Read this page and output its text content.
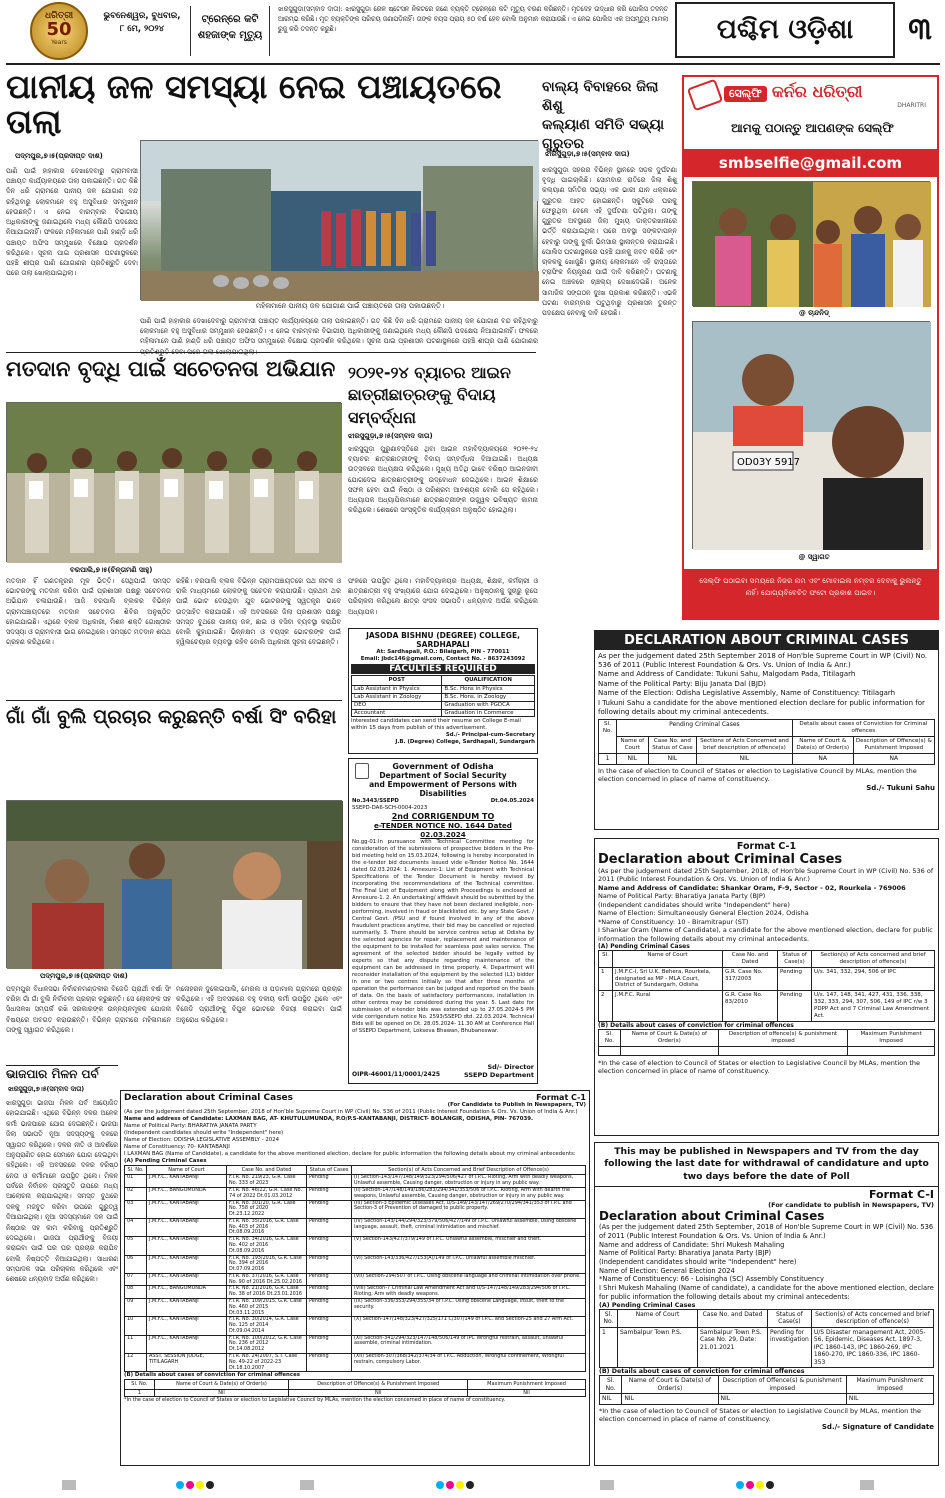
ଧରିତ୍ରୀ
50
Years
ଭୁବନେଶ୍ୱର, ବୁଧବାର,
୮ ମେ, ୨୦୨୪
ଟ୍ରେନ୍‌ରେ କଟି
ଶହଜାଙ୍କ ମୃତ୍ୟୁ
ଝାରସୁଗୁଡ଼ା(ସମ୍ବାଦ ଦାତା): ଝାରସୁଗୁଡ଼ା ରେଳ ଷ୍ଟେସନ ନିକଟରେ ଜଣେ ବ୍ୟକ୍ତି ଟ୍ରେନ୍‌ରେ କଟି ମୃତ୍ୟୁ ବରଣ କରିଛନ୍ତି। ମୃତଦେହ ଉଦ୍ଧାର କରି ପୋଲିସ ତଦନ୍ତ ଆରମ୍ଭ କରିଛି। ମୃତ ବ୍ୟକ୍ତିଙ୍କ ପରିଚୟ ଜଣାପଡ଼ିନାହିଁ। ତାଙ୍କ ବୟସ ପ୍ରାୟ ୫୦ ବର୍ଷ ହେବ ବୋଲି ଅନୁମାନ କରାଯାଉଛି। ଏ ନେଇ ପୋଲିସ ଏକ ଅପମୃତ୍ୟୁ ମାମଲା ରୁଜୁ କରି ତଦନ୍ତ କରୁଛି।	ପଶ୍ଚିମ ଓଡ଼ିଶା	୩
ପାନୀୟ ଜଳ ସମସ୍ୟା ନେଇ ପଞ୍ଚାୟତରେ ତାଲା
ପଦ୍ମପୁର,୭।୫(ପ୍ରଦୀପ୍ତ ଦାଶ)
ପାଣି ପାଇଁ ହାହାକାର ଦେଖାଦେବାରୁ ଗ୍ରାମବାସୀ ପଞ୍ଚାୟତ କାର୍ଯ୍ୟାଳୟରେ ତାଲା ପକାଇଛନ୍ତି। ଗତ କିଛି ଦିନ ଧରି ଗ୍ରାମରେ ପାନୀୟ ଜଳ ଯୋଗାଣ ବନ୍ଦ ରହିଥିବାରୁ ଲୋକମାନେ ବହୁ ଅସୁବିଧାର ସମ୍ମୁଖୀନ ହେଉଛନ୍ତି। ଏ ନେଇ ବାରମ୍ବାର ବିଭାଗୀୟ ଅଧିକାରୀଙ୍କୁ ଜଣାଇଥିଲେ ମଧ୍ୟ କୌଣସି ପଦକ୍ଷେପ ନିଆଯାଇନାହିଁ। ଫଳରେ ମହିଳାମାନେ ପାଣି ହାଣ୍ଡି ଧରି ପଞ୍ଚାୟତ ଅଫିସ ସମ୍ମୁଖରେ ବିକ୍ଷୋଭ ପ୍ରଦର୍ଶନ କରିଥିଲେ। ସୂଚନା ପାଇ ପ୍ରଶାସନ ଘଟଣାସ୍ଥଳରେ ପହଞ୍ଚି ଶୀଘ୍ର ପାଣି ଯୋଗାଣର ପ୍ରତିଶ୍ରୁତି ଦେବା ପରେ ତାଲା ଖୋଲାଯାଇଥିଲା।
ମହିଳାମାନେ ପାନୀୟ ଜଳ ଯୋଗାଣ ପାଇଁ ପଞ୍ଚାୟତରେ ତାଲା ପକାଉଛନ୍ତି।
ପାଣି ପାଇଁ ହାହାକାର ଦେଖାଦେବାରୁ ଗ୍ରାମବାସୀ ପଞ୍ଚାୟତ କାର୍ଯ୍ୟାଳୟରେ ତାଲା ପକାଇଛନ୍ତି। ଗତ କିଛି ଦିନ ଧରି ଗ୍ରାମରେ ପାନୀୟ ଜଳ ଯୋଗାଣ ବନ୍ଦ ରହିଥିବାରୁ ଲୋକମାନେ ବହୁ ଅସୁବିଧାର ସମ୍ମୁଖୀନ ହେଉଛନ୍ତି। ଏ ନେଇ ବାରମ୍ବାର ବିଭାଗୀୟ ଅଧିକାରୀଙ୍କୁ ଜଣାଇଥିଲେ ମଧ୍ୟ କୌଣସି ପଦକ୍ଷେପ ନିଆଯାଇନାହିଁ। ଫଳରେ ମହିଳାମାନେ ପାଣି ହାଣ୍ଡି ଧରି ପଞ୍ଚାୟତ ଅଫିସ ସମ୍ମୁଖରେ ବିକ୍ଷୋଭ ପ୍ରଦର୍ଶନ କରିଥିଲେ। ସୂଚନା ପାଇ ପ୍ରଶାସନ ଘଟଣାସ୍ଥଳରେ ପହଞ୍ଚି ଶୀଘ୍ର ପାଣି ଯୋଗାଣର
ବାଲ୍ୟ ବିବାହରେ ଜିଲା ଶିଶୁ
କଲ୍ୟାଣ ସମିତି ସଭ୍ୟା ଗୁରୁତର
ଝାରସୁଗୁଡ଼ା,୭।୫(ସମ୍ବାଦ ଦାତା)
ଝାରସୁଗୁଡ଼ା ସହରର ବିଭିନ୍ନ ସ୍ଥାନରେ ସଡ଼କ ଦୁର୍ଘଟଣା ବୃଦ୍ଧି ପାଇଚାଲିଛି। ସୋମବାର ରାତିରେ ଜିଲା ଶିଶୁ କଲ୍ୟାଣ ସମିତିର ସଭ୍ୟା ଏକ ଭାରୀ ଯାନ ଧକ୍କାରେ ଗୁରୁତର ଆହତ ହୋଇଛନ୍ତି। ସ୍କୁଟିରେ ଘରକୁ ଫେରୁଥିବା ବେଳେ ଏହି ଦୁର୍ଘଟଣା ଘଟିଥିଲା। ତାଙ୍କୁ ଗୁରୁତର ଅବସ୍ଥାରେ ଜିଲା ମୁଖ୍ୟ ଡାକ୍ତରଖାନାରେ ଭର୍ତ୍ତି କରାଯାଇଥିଲା। ପରେ ଅବସ୍ଥା ସଙ୍କଟାପନ୍ନ ହେବାରୁ ତାଙ୍କୁ ବୁର୍ଲା ଭିମସାର ସ୍ଥାନାନ୍ତର କରାଯାଇଛି। ପୋଲିସ ଘଟଣାସ୍ଥଳରେ ପହଞ୍ଚି ଯାନକୁ ଜବତ କରିଛି ଏବଂ ଚାଳକକୁ ଖୋଜୁଛି। ସ୍ଥାନୀୟ ଲୋକମାନେ ଏହି ରାସ୍ତାରେ ଟ୍ରାଫିକ ନିୟନ୍ତ୍ରଣ ପାଇଁ ଦାବି କରିଛନ୍ତି। ଘଟଣାକୁ ନେଇ ଅଞ୍ଚଳରେ ଚାଞ୍ଚଲ୍ୟ ଦେଖାଦେଇଛି। ଅନେକ ସାମାଜିକ ସଙ୍ଗଠନ ଦୁଃଖ ପ୍ରକାଶ କରିଛନ୍ତି। ଏଭଳି ଘଟଣା ବାରମ୍ବାର ଘଟୁଥିବାରୁ ପ୍ରଶାସନ ତୁରନ୍ତ ପଦକ୍ଷେପ ନେବାକୁ ଦାବି ହେଉଛି।
ସେଲ୍ଫି କର୍ନର ଧରିତ୍ରୀ
DHARITRI
ଆମକୁ ପଠାନ୍ତୁ ଆପଣଙ୍କ ସେଲ୍ଫି
smbselfie@gmail.com
@ ଚାନ୍ଦନିଡ୍
OD03Y 5917
@ ସ୍ୱାଗତ
ସେଲ୍ଫି ପଠାଇବା ସମୟରେ ନିଜର ନାମ ଏବଂ ମୋବାଇଲ ନମ୍ବର ଦେବାକୁ ଭୁଲନ୍ତୁ ନାହିଁ। ଯୋଗ୍ୟବିବେଚିତ ଫଟୋ ପ୍ରକାଶ ପାଇବ।
ମତଦାନ ବୃଦ୍ଧି ପାଇଁ ସଚେତନତା ଅଭିଯାନ
ବରପାଲି,୭।୫(ଚିନ୍ତାମଣି ସାହୁ)
ମତଦାନ ହିଁ ଗଣତନ୍ତ୍ରର ମୂଳ ଭିତ୍ତି। ସେଥିପାଇଁ ସମସ୍ତ ଭୋଟରଙ୍କୁ ମତଦାନ କରିବା ପାଇଁ ପ୍ରଶାସନ ପକ୍ଷରୁ ସଚେତନତା ଅଭିଯାନ ଚଳାଯାଉଛି। ଆଜି ବରପାଲି ବ୍ଲକର ବିଭିନ୍ନ ଗ୍ରାମପଞ୍ଚାୟତରେ ମତଦାନ ସଚେତନତା ଶିବିର ଅନୁଷ୍ଠିତ ହୋଇଯାଇଛି। ଏଥିରେ ବ୍ଲକ ଅଧିକାରୀ, ମିଶନ ଶକ୍ତି ଗୋଷ୍ଠୀର ସଦସ୍ୟା ଓ ଗ୍ରାମବାସୀ ଭାଗ ନେଇଥିଲେ। ସମସ୍ତେ ମତଦାନ ଶପଥ ଗ୍ରହଣ କରିଥିଲେ।
ରହିଛି। ବରପାଲି ବ୍ଲକ ବିଭିନ୍ନ ଗ୍ରାମପଞ୍ଚାୟତରେ ପଥ ନାଟକ ଓ ରାଲି ମାଧ୍ୟମରେ ଲୋକଙ୍କୁ ସଚେତନ କରାଯାଉଛି। ପ୍ରଥମ ଥର ପାଇଁ ଭୋଟ ଦେଉଥିବା ଯୁବ ଭୋଟରଙ୍କୁ ସ୍ୱତନ୍ତ୍ର ଭାବେ ଉତ୍ସାହିତ କରାଯାଉଛି। ଏହି ଅବସରରେ ଜିଲା ପ୍ରଶାସନ ପକ୍ଷରୁ ସମସ୍ତ ବୁଥରେ ପାନୀୟ ଜଳ, ଛାଇ ଓ ବସିବା ବ୍ୟବସ୍ଥା କରାଯିବ ବୋଲି କୁହାଯାଇଛି। ଭିନ୍ନକ୍ଷମ ଓ ବୟସ୍କ ଭୋଟରଙ୍କ ପାଇଁ ହ୍ୱିଲଚେୟାର ବ୍ୟବସ୍ଥା ରହିବ ବୋଲି ଅଧିକାରୀ ସୂଚନା ଦେଇଛନ୍ତି।
୨୦୨୧-୨୪ ବ୍ୟାଚର ଆଇନ
ଛାତ୍ରୀଛାତ୍ରଙ୍କୁ ବିଦାୟ ସମ୍ବର୍ଦ୍ଧନା
ଝାରସୁଗୁଡ଼ା,୭।୫(ସମ୍ବାଦ ଦାତା)
ଝାରସୁଗୁଡ଼ା ପୁରୁଣାବସ୍ତିରେ ଥିବା ଆଇନ ମହାବିଦ୍ୟାଳୟରେ ୨୦୨୧-୨୪ ବ୍ୟାଚର ଛାତ୍ରଛାତ୍ରୀଙ୍କୁ ବିଦାୟ ସମ୍ବର୍ଦ୍ଧନା ଦିଆଯାଇଛି। ଅଧ୍ୟକ୍ଷ ଉତ୍ସବରେ ଅଧ୍ୟକ୍ଷତା କରିଥିଲେ। ମୁଖ୍ୟ ଅତିଥି ଭାବେ ବରିଷ୍ଠ ଆଇନଜୀବୀ ଯୋଗଦେଇ ଛାତ୍ରଛାତ୍ରୀଙ୍କୁ ଉଦ୍ବୋଧନ ଦେଇଥିଲେ। ଆଇନ ଶିକ୍ଷାରେ ସଫଳ ହେବା ପାଇଁ ନିଷ୍ଠା ଓ ପରିଶ୍ରମ ଆବଶ୍ୟକ ବୋଲି ସେ କହିଥିଲେ। ଅଧ୍ୟାପକ ଅଧ୍ୟାପିକାମାନେ ଛାତ୍ରଛାତ୍ରୀଙ୍କ ଉଜ୍ଜ୍ୱଳ ଭବିଷ୍ୟତ କାମନା କରିଥିଲେ। ଶେଷରେ ସାଂସ୍କୃତିକ କାର୍ଯ୍ୟକ୍ରମ ଅନୁଷ୍ଠିତ ହୋଇଥିଲା।
ଫଳରେ ଉପସ୍ଥିତ ଥିଲେ। ମହାବିଦ୍ୟାଳୟର ଅଧ୍ୟକ୍ଷ, ଶିକ୍ଷକ, କର୍ମଚାରୀ ଓ ଛାତ୍ରଛାତ୍ରୀ ବହୁ ସଂଖ୍ୟାରେ ଯୋଗ ଦେଇଥିଲେ। ଅନୁଷ୍ଠାନକୁ ସୁଚାରୁ ରୂପେ ପରିଚାଳନା କରିଥିଲେ ଛାତ୍ର ସଂସଦ ସଭାପତି। ଧନ୍ୟବାଦ ଅର୍ପଣ କରିଥିଲେ ଅଧ୍ୟାପକ।
JASODA BISHNU (DEGREE) COLLEGE, SARDHAPALI
At: Sardhapali, P.O.: Bilaigarh, PIN - 770011
Email: jbdc146@gmail.com, Contact No. - 8637243092
FACULTIES REQUIRED
POST	QUALIFICATION
Lab Assistant in Physics	B.Sc. Hons in Physics
Lab Assistant in Zoology	B.Sc. Hons. in Zoology
DEO	Graduation with PGDCA
Accountant	Graduation in Commerce
Interested candidates can send their resume on College E-mail within 15 days from publish of this advertisement.
Sd./- Principal-cum-Secretary
J.B. (Degree) College, Sardhapali, Sundargarh
ଗାଁ ଗାଁ ବୁଲି ପ୍ରଚାର କରୁଛନ୍ତି ବର୍ଷା ସିଂ ବରିହା
ପଦ୍ମପୁର,୭।୫(ପ୍ରଦୀପ୍ତ ଦାଶ)
ପଦ୍ମପୁର ବିଧାନସଭା ନିର୍ବାଚନମଣ୍ଡଳୀର ବିଜେଡି ପ୍ରାର୍ଥୀ ବର୍ଷା ସିଂ ବରିହା ଗାଁ ଗାଁ ବୁଲି ନିର୍ବାଚନୀ ପ୍ରଚାର କରୁଛନ୍ତି। ସେ ଲୋକଙ୍କ ସହ ସିଧାସଳଖ ସମ୍ପର୍କ ରଖି ସରକାରଙ୍କ ଉନ୍ନୟନମୂଳକ ଯୋଜନା ବିଷୟରେ ଅବଗତ କରାଉଛନ୍ତି। ବିଭିନ୍ନ ଗ୍ରାମରେ ମହିଳାମାନେ ତାଙ୍କୁ ସ୍ୱାଗତ କରିଥିଲେ।
ମନୋହରନ ଦୁଲେଇପାଲି, ମେରଲ ଓ ପଡ଼ାମାଲ ଗ୍ରାମରେ ପ୍ରଚାର କରିଥିଲେ। ଏହି ଅବସରରେ ବହୁ ଦଳୀୟ କର୍ମୀ ଉପସ୍ଥିତ ଥିଲେ ଏବଂ ବିଜେଡି ପ୍ରାର୍ଥୀଙ୍କୁ ବିପୁଳ ଭୋଟରେ ବିଜୟୀ କରାଇବା ପାଇଁ ଅନୁରୋଧ କରିଥିଲେ।
Government of Odisha
Department of Social Security
and Empowerment of Persons with Disabilities
No.3443/SSEPD	Dt.04.05.2024
SSEPD-DA6-SCH-0004-2023
2nd CORRIGENDUM TO
e-TENDER NOTICE NO. 1644 Dated 02.03.2024
No.gg-01:In pursuance with Technical Committee meeting for consideration of the submissions of prospective bidders in the Pre-bid meeting held on 15.03.2024, following is hereby incorporated in the e-tender bid documents issued vide e-Tender Notice No. 1644 dated 02.03.2024: 1. Annexure-1: List of Equipment with Technical Specifications of the Tender Document is hereby revised by incorporating the recommendations of the Technical committee. The Final List of Equipment along with Proceedings is enclosed at Annexure-1. 2. An undertaking/ affidavit should be submitted by the bidders to ensure that they have not been declared ineligible, non-performing, involved in fraud or blacklisted etc. by any State Govt. / Central Govt. /PSU and if found involved in any of the above fraudulent practices anytime, their bid may be cancelled or rejected summarily. 3. There should be service centres setup at Odisha by the selected agencies for repair, replacement and maintenance of the equipment to be installed for seamless post sales service. The agreement of the selected bidder should be legally vetted by experts so that any dispute regarding maintenance of the equipment can be addressed in time properly. 4. Department will reconsider installation of the equipment by the selected (L1) bidder in one or two centres initially so that after three months of operation the performance can be judged and reported on the basis of data. On the basis of satisfactory performances, installation in other centres may be considered during the year. 5. Last date for submission of e-tender bids was extended up to 27.05.2024-5 PM vide corrigendum notice No. 2593/SSEPD dtd. 22.03.2024. Technical Bids will be opened on Dt. 28.05.2024- 11.30 AM at Conference Hall of SSEPD Department, Lokseva Bhawan, Bhubaneswar.
Sd/- Director
OIPR-46001/11/0001/2425	SSEPD Department
ଭାଜପାର ମିଳନ ପର୍ବ
ଝାରସୁଗୁଡ଼ା,୭।୫(ସମ୍ବାଦ ଦାତା)
ଝାରସୁଗୁଡ଼ା ଭାଜପା ମିଳନ ପର୍ବ ଆୟୋଜିତ ହୋଇଯାଇଛି। ଏଥିରେ ବିଭିନ୍ନ ଦଳର ଅନେକ କର୍ମୀ ଭାଜପାରେ ଯୋଗ ଦେଇଛନ୍ତି। ଭାଜପା ଜିଲା ସଭାପତି ନୂଆ ସଦସ୍ୟଙ୍କୁ ଦଳରେ ସ୍ୱାଗତ କରିଥିଲେ। ଦଳର ନୀତି ଓ ଆଦର୍ଶରେ ଅନୁପ୍ରାଣିତ ହୋଇ ସେମାନେ ଯୋଗ ଦେଇଥିବା କହିଥିଲେ। ଏହି ଅବସରରେ ଦଳର ବରିଷ୍ଠ ନେତା ଓ କର୍ମୀମାନେ ଉପସ୍ଥିତ ଥିଲେ। ମିଳନ ପର୍ବରେ ନିର୍ବାଚନ ପ୍ରସ୍ତୁତି ଉପରେ ମଧ୍ୟ ଆଲୋଚନା କରାଯାଇଥିଲା। ସମସ୍ତ ବୁଥରେ ଦଳକୁ ମଜବୁତ କରିବା ଉପରେ ଗୁରୁତ୍ୱ ଦିଆଯାଇଥିଲା। ନୂଆ ସଦସ୍ୟମାନେ ଦଳ ପାଇଁ ନିଷ୍ଠାର ସହ କାମ କରିବାକୁ ପ୍ରତିଶ୍ରୁତି ଦେଇଥିଲେ। ଭାଜପା ପ୍ରାର୍ଥୀଙ୍କୁ ବିଜୟୀ କରାଇବା ପାଇଁ ଘର ଘର ପ୍ରଚାର କରାଯିବ ବୋଲି ନିଷ୍ପତ୍ତି ନିଆଯାଇଥିଲା। ସାଧାରଣ ସମ୍ପାଦକ ସଭା ପରିଚାଳନା କରିଥିଲେ ଏବଂ ଶେଷରେ ଧନ୍ୟବାଦ ଅର୍ପଣ କରିଥିଲେ।
Declaration about Criminal Cases	Format C-1
(For Candidate to Publish in Newspapers, TV)
(As per the judgement dated 25th September, 2018 of Hon'ble Supreme Court in WP (Civil) No. 536 of 2011 (Public Interest Foundation & Ors. Vs. Union of India & Anr.)
Name and address of Candidate: LAXMAN BAG, AT- KHUTULUMUNDA, P.O/P.S-KANTABANJI, DISTRICT- BOLANGIR, ODISHA, PIN- 767039.
Name of Political Party: BHARATIYA JANATA PARTY
(Independent candidates should write "Independent" here)
Name of Election: ODISHA LEGISLATIVE ASSEMBLY - 2024
Name of Constituency: 70- KANTABANJI
I LAXMAN BAG (Name of Candidate), a candidate for the above mentioned election, declare for public information the following details about my criminal antecedents:
(A) Pending Criminal Cases
Sl. No.	Name of Court	Case No. and Dated	Status of Cases	Section(s) of Acts Concerned and Brief Description of Offence(s)
01	J.M.F.C., KANTABANJI	F.I.R. No. 219/23, G.R. Case No. 333 of 2023	Pending	(I) Section-143/147/148/149/323/294/506/427 of I.P.C. Rioting, Arm with deadly weapons, Unlawful assemble, Causing danger, obstruction or injury in any public way.
02	J.M.F.C., BANGOMUNDA	F.I.R. No. 46/22, G.R. Case No. 74 of 2022 Dt.01.03.2012	Pending	(II) Section-147/148/149/186/283/294/341/353/506 of I.P.C. Rioting, Arm with dearth the weapons, Unlawful assemble, Causing danger, obstruction or injury in any public way.
03	J.M.F.C., KANTABANJI	F.I.R. No. 301/20, G.R. Case No. 758 of 2020 Dt.23.12.2022	Pending	(III) Section-3 Epidemic Diseases Act, U/S-149/143/147/269/270/294/341/353 of I.P.C and Section-3 of Prevention of damaged to public property.
04	J.M.F.C., KANTABANJI	F.I.R. No. 35/2016, G.R. Case No. 403 of 2016 Dt.08.09.2016	Pending	(IV) Section-143/144/294/323/379/506/427/149 of I.P.C. Unlawful assemble, Using obscene language, assault, theft, criminal intimidation and mischief.
05	J.M.F.C., KANTABANJI	F.I.R. No. 34/2016, G.R. Case No. 402 of 2016 Dt.08.09.2016	Pending	(V) Section-143/427/379/149 of I.P.C. Unlawful assemble, mischief and theft.
06	J.M.F.C., KANTABANJI	F.I.R. No. 193/2016, G.R. Case No. 394 of 2016 Dt.07.09.2016	Pending	(VI) Section-143/336/427/153(A)/149 of I.P.C. Unlawful assemble mischief.
07	J.M.F.C., KANTABANJI	F.I.R. No. 37/2016, G.R. Case No. 90 of 2016 Dt.25.02.2016	Pending	(VII) Section-294/507 of I.P.C. Using obscene language and criminal intimidation over phone.
08	J.M.F.C., BANGOMUNDA	F.I.R. No. 21/2016, G.R. Case No. 38 of 2016 Dt.23.01.2016	Pending	(VIII) Section-7 Criminal Law Amendment Act and U/S-147/148/149/283/294/506 of I.P.C. Rioting, Arm with deadly weapons.
09	J.M.F.C., KANTABANJI	F.I.R. No. 109/2015, G.R. Case No. 460 of 2015 Dt.03.11.2015	Pending	(IX) Section-336/353/294/355/34 of I.P.C. Using obscene Language, insult, theft to the security.
10	J.M.F.C., KANTABANJI	F.I.R. No. 30/2014, G.R. Case No. 125 of 2014 Dt.09.04.2014	Pending	(X) Section-147/148/323/427/325/171 C/307/149 of I.P.C. and Section-25 and 27 Arm Act.
11	J.M.F.C., KANTABANJI	F.I.R. No. 100/2012, G.R. Case No. 236 of 2012 Dt.14.08.2012	Pending	(XI) Section-341/294/323/147/148/506/149 of IPC Wrongful restrain, assault, unlawful assemble, criminal intimidation.
12	ASST. SESSION JUDGE, TITILAGARH	F.I.R. No. 24/2007, S.T. Case No. 49-22 of 2022-23 Dt.18.10.2007	Pending	(XII) Section-307/368/342/374/34 of I.P.C. Abduction, Wrongful confinement, Wrongful restrain, compulsory Labor.
(B) Details about cases of conviction for criminal offences
Sl. No.	Name of Court & Date(s) of Order(s)	Description of Offence(s) & Punishment Imposed	Maximum Punishment Imposed
1	Nil	Nil	Nil
*In the case of election to Council of States or election to Legislative Council by MLAs, mention the election concerned in place of name of constituency.
DECLARATION ABOUT CRIMINAL CASES
As per the judgement dated 25th September 2018 of Hon'ble Supreme Court in WP (Civil) No. 536 of 2011 (Public Interest Foundation & Ors. Vs. Union of India & Anr.)
Name and Address of Candidate: Tukuni Sahu, Malgodam Pada, Titilagarh
Name of the Political Party: Biju Janata Dal (BJD)
Name of the Election: Odisha Legislative Assembly, Name of Constituency: Titilagarh
I Tukuni Sahu a candidate for the above mentioned election declare for public information for following details about my criminal antecedents.
Sl. No.	Pending Criminal Cases			Details about cases of Conviction for Criminal offences	
	Name of Court	Case No. and Status of Case	Sections of Acts Concerned and brief description of offence(s)	Name of Court & Date(s) of Order(s)	Description of Offence(s) & Punishment Imposed
1	NIL	NIL	NIL	NA	NA
In the case of election to Council of States or election to Legislative Council by MLAs, mention the election concerned in place of name of constituency.
Sd./- Tukuni Sahu
Format C-1
Declaration about Criminal Cases
(As per the judgement dated 25th September, 2018, of Hon'ble Supreme Court in WP (Civil) No. 536 of 2011 (Public Interest Foundation & Ors. Vs. Union of India & Anr.)
Name and Address of Candidate: Shankar Oram, F-9, Sector - 02, Rourkela - 769006
Name of Political Party: Bharatiya Janata Party (BJP)
(Independent candidates should write "Independent" here)
Name of Election: Simultaneously General Election 2024, Odisha
*Name of Constituency: 10 - Biramitrapur (ST)
I Shankar Oram (Name of Candidate), a candidate for the above mentioned election, declare for public information the following details about my criminal antecedents.
(A) Pending Criminal Cases
Sl.	Name of Court	Case No. and Dated	Status of Case(s)	Section(s) of Acts concerned and brief description of offence(s)
1	J.M.F.C-I, Sri U.K. Behera, Rourkela, designated as MP - MLA Court, District of Sundargarh, Odisha	G.R. Case No. 317/2003	Pending	U/s. 341, 332, 294, 506 of IPC
2	J.M.F.C. Rural	G.R. Case No. 83/2010	Pending	U/s. 147, 148, 341, 427, 431, 336, 338, 332, 333, 294, 307, 506, 149 of IPC r/w 3 PDPP Act and 7 Criminal Law Amendment Act.
(B) Details about cases of conviction for criminal offences
Sl. No.	Name of Court & Date(s) of Order(s)	Description of offence(s) & punishment imposed	Maximum Punishment Imposed

*In the case of election to Council of States or election to Legislative Council by MLAs, mention the election concerned in place of name of constituency.
This may be published in Newspapers and TV from the day following the last date for withdrawal of candidature and upto two days before the date of Poll
Format C-I
(For candidate to publish in Newspapers, TV)
Declaration about Criminal Cases
(As per the judgement dated 25th September, 2018 of Hon'ble Supreme Court in WP (Civil) No. 536 of 2011 (Public Interest Foundation & Ors. Vs. Union of India & Anr.)
Name and address of Candidate: Shri Mukesh Mahaling
Name of Political Party: Bharatiya Janata Party (BJP)
(Independent candidates should write "Independent" here)
Name of Election: General Election 2024
*Name of Constituency: 66 - Loisingha (SC) Assembly Constituency
I Shri Mukesh Mahaling (Name of candidate), a candidate for the above mentioned election, declare for public information the following details about my criminal antecedents:
(A) Pending Criminal Cases
Sl. No.	Name of Court	Case No. and Dated	Status of Case(s)	Section(s) of Acts concerned and brief description of offence(s)
1	Sambalpur Town P.S.	Sambalpur Town P.S. Case No. 29, Date: 21.01.2021	Pending for investigation	U/S Disaster management Act, 2005- 56, Epidemic, Diseases Act, 1897-3, IPC 1860-143, IPC 1860-269, IPC 1860-270, IPC 1860-336, IPC 1860-353
(B) Details about cases of conviction for criminal offences
Sl. No.	Name of Court & Date(s) of Order(s)	Description of Offence(s) & punishment imposed	Maximum Punishment Imposed
NIL	NIL	NIL	NIL
*In the case of election to Council of States or election to Legislative Council by MLAs, mention the election concerned in place of name of constituency.
Sd./- Signature of Candidate
